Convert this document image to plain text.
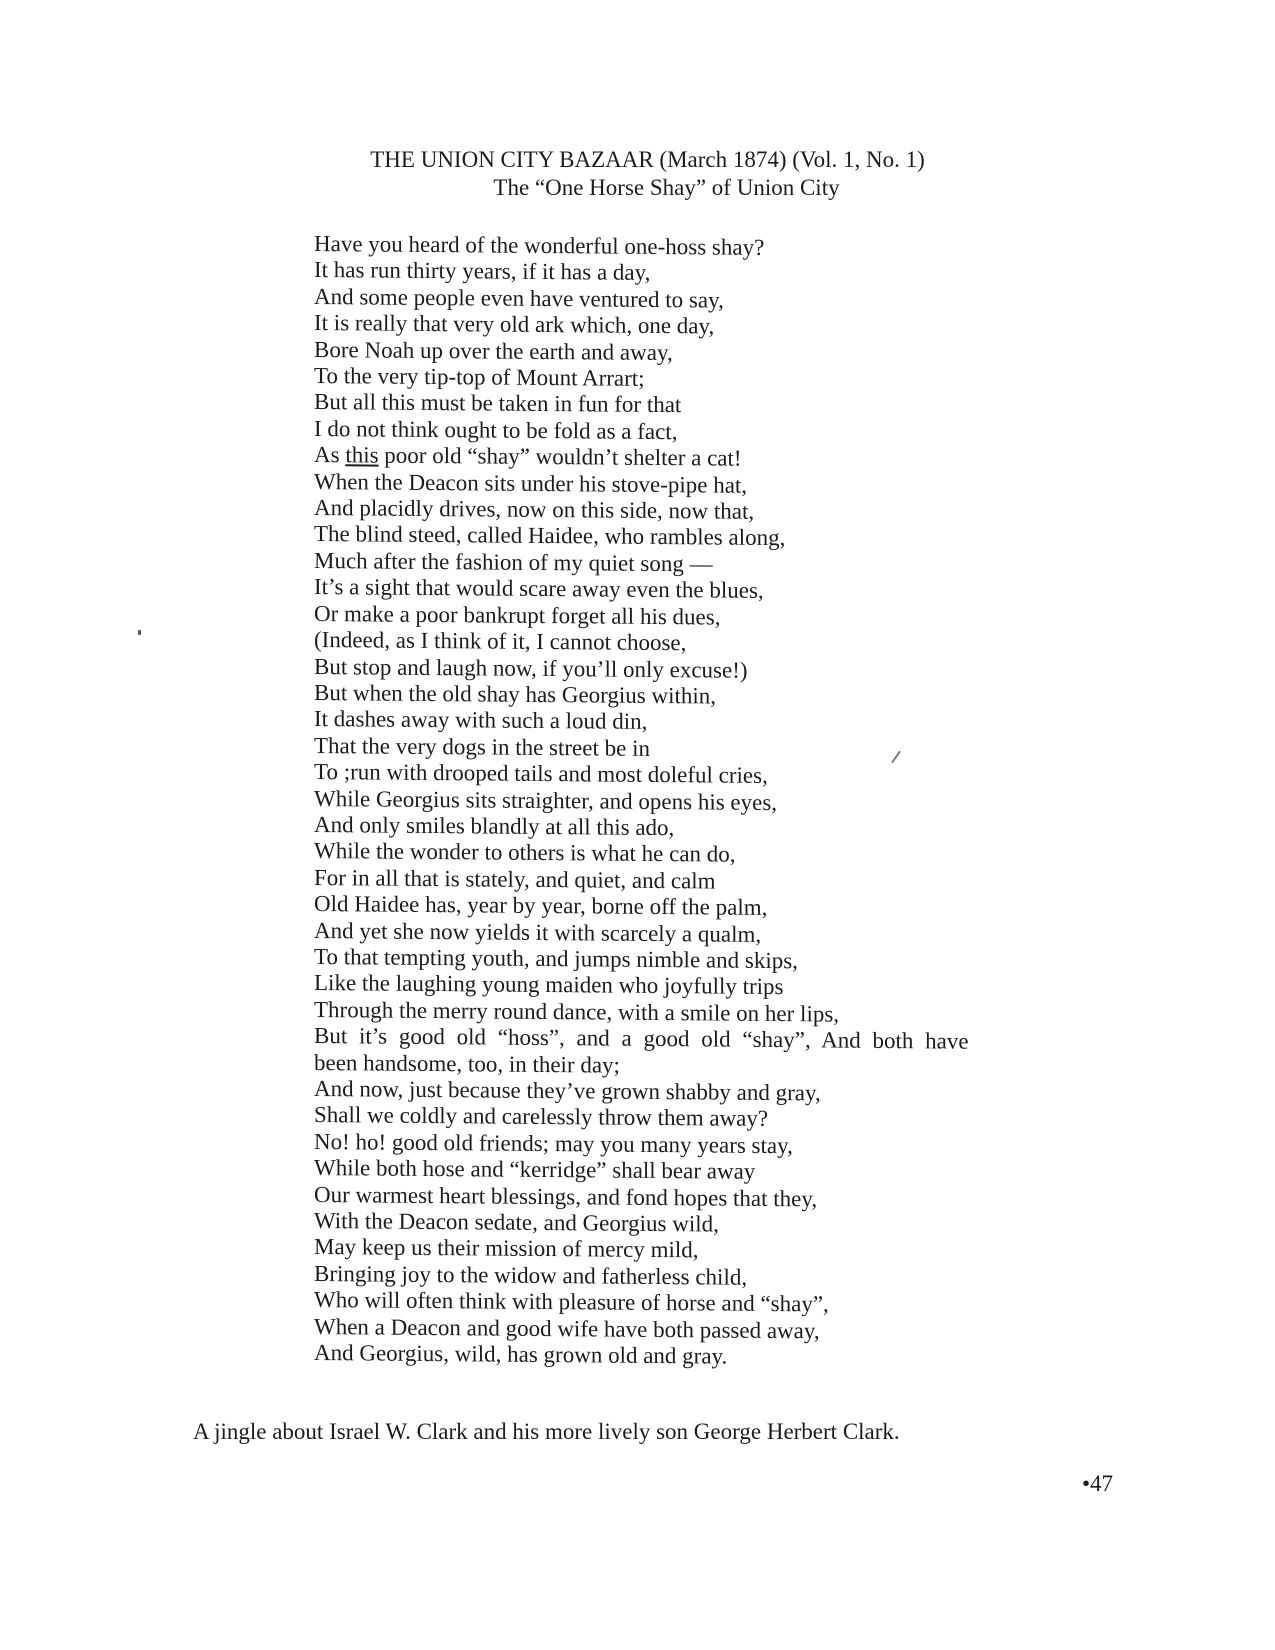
THE UNION CITY BAZAAR (March 1874) (Vol. 1, No. 1)
The “One Horse Shay” of Union City
Have you heard of the wonderful one-hoss shay?
It has run thirty years, if it has a day,
And some people even have ventured to say,
It is really that very old ark which, one day,
Bore Noah up over the earth and away,
To the very tip-top of Mount Arrart;
But all this must be taken in fun for that
I do not think ought to be fold as a fact,
As this poor old “shay” wouldn’t shelter a cat!
When the Deacon sits under his stove-pipe hat,
And placidly drives, now on this side, now that,
The blind steed, called Haidee, who rambles along,
Much after the fashion of my quiet song —
It’s a sight that would scare away even the blues,
Or make a poor bankrupt forget all his dues,
(Indeed, as I think of it, I cannot choose,
But stop and laugh now, if you’ll only excuse!)
But when the old shay has Georgius within,
It dashes away with such a loud din,
That the very dogs in the street be in
To ;run with drooped tails and most doleful cries,
While Georgius sits straighter, and opens his eyes,
And only smiles blandly at all this ado,
While the wonder to others is what he can do,
For in all that is stately, and quiet, and calm
Old Haidee has, year by year, borne off the palm,
And yet she now yields it with scarcely a qualm,
To that tempting youth, and jumps nimble and skips,
Like the laughing young maiden who joyfully trips
Through the merry round dance, with a smile on her lips,
But it’s good old “hoss”, and a good old “shay”, And both have
been handsome, too, in their day;
And now, just because they’ve grown shabby and gray,
Shall we coldly and carelessly throw them away?
No! ho! good old friends; may you many years stay,
While both hose and “kerridge” shall bear away
Our warmest heart blessings, and fond hopes that they,
With the Deacon sedate, and Georgius wild,
May keep us their mission of mercy mild,
Bringing joy to the widow and fatherless child,
Who will often think with pleasure of horse and “shay”,
When a Deacon and good wife have both passed away,
And Georgius, wild, has grown old and gray.
A jingle about Israel W. Clark and his more lively son George Herbert Clark.
•47
